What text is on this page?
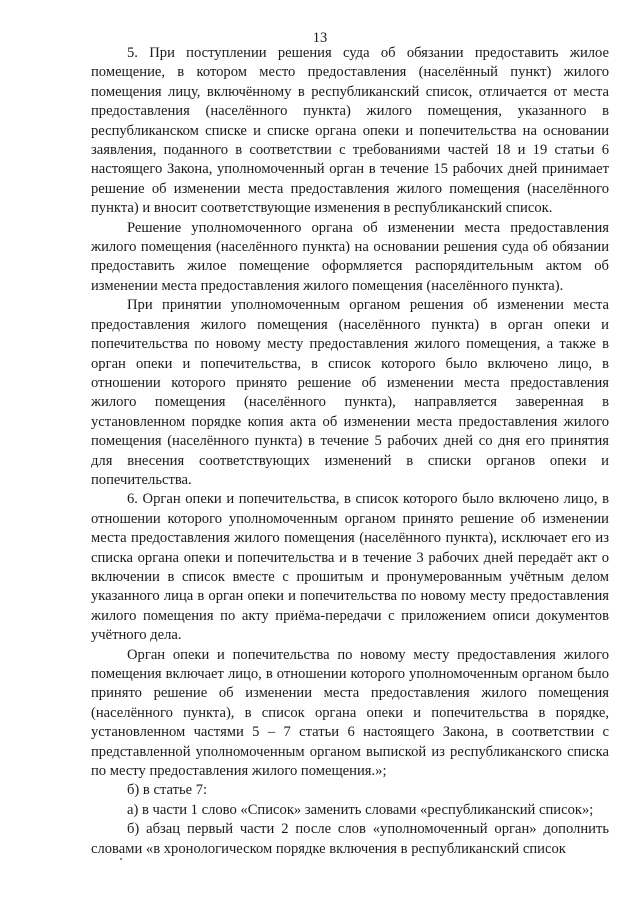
13

5. При поступлении решения суда об обязании предоставить жилое помещение, в котором место предоставления (населённый пункт) жилого помещения лицу, включённому в республиканский список, отличается от места предоставления (населённого пункта) жилого помещения, указанного в республиканском списке и списке органа опеки и попечительства на основании заявления, поданного в соответствии с требованиями частей 18 и 19 статьи 6 настоящего Закона, уполномоченный орган в течение 15 рабочих дней принимает решение об изменении места предоставления жилого помещения (населённого пункта) и вносит соответствующие изменения в республиканский список.

Решение уполномоченного органа об изменении места предоставления жилого помещения (населённого пункта) на основании решения суда об обязании предоставить жилое помещение оформляется распорядительным актом об изменении места предоставления жилого помещения (населённого пункта).

При принятии уполномоченным органом решения об изменении места предоставления жилого помещения (населённого пункта) в орган опеки и попечительства по новому месту предоставления жилого помещения, а также в орган опеки и попечительства, в список которого было включено лицо, в отношении которого принято решение об изменении места предоставления жилого помещения (населённого пункта), направляется заверенная в установленном порядке копия акта об изменении места предоставления жилого помещения (населённого пункта) в течение 5 рабочих дней со дня его принятия для внесения соответствующих изменений в списки органов опеки и попечительства.

6. Орган опеки и попечительства, в список которого было включено лицо, в отношении которого уполномоченным органом принято решение об изменении места предоставления жилого помещения (населённого пункта), исключает его из списка органа опеки и попечительства и в течение 3 рабочих дней передаёт акт о включении в список вместе с прошитым и пронумерованным учётным делом указанного лица в орган опеки и попечительства по новому месту предоставления жилого помещения по акту приёма-передачи с приложением описи документов учётного дела.

Орган опеки и попечительства по новому месту предоставления жилого помещения включает лицо, в отношении которого уполномоченным органом было принято решение об изменении места предоставления жилого помещения (населённого пункта), в список органа опеки и попечительства в порядке, установленном частями 5 – 7 статьи 6 настоящего Закона, в соответствии с представленной уполномоченным органом выпиской из республиканского списка по месту предоставления жилого помещения.»;

б) в статье 7:

а) в части 1 слово «Список» заменить словами «республиканский список»;

б) абзац первый части 2 после слов «уполномоченный орган» дополнить словами «в хронологическом порядке включения в республиканский список
